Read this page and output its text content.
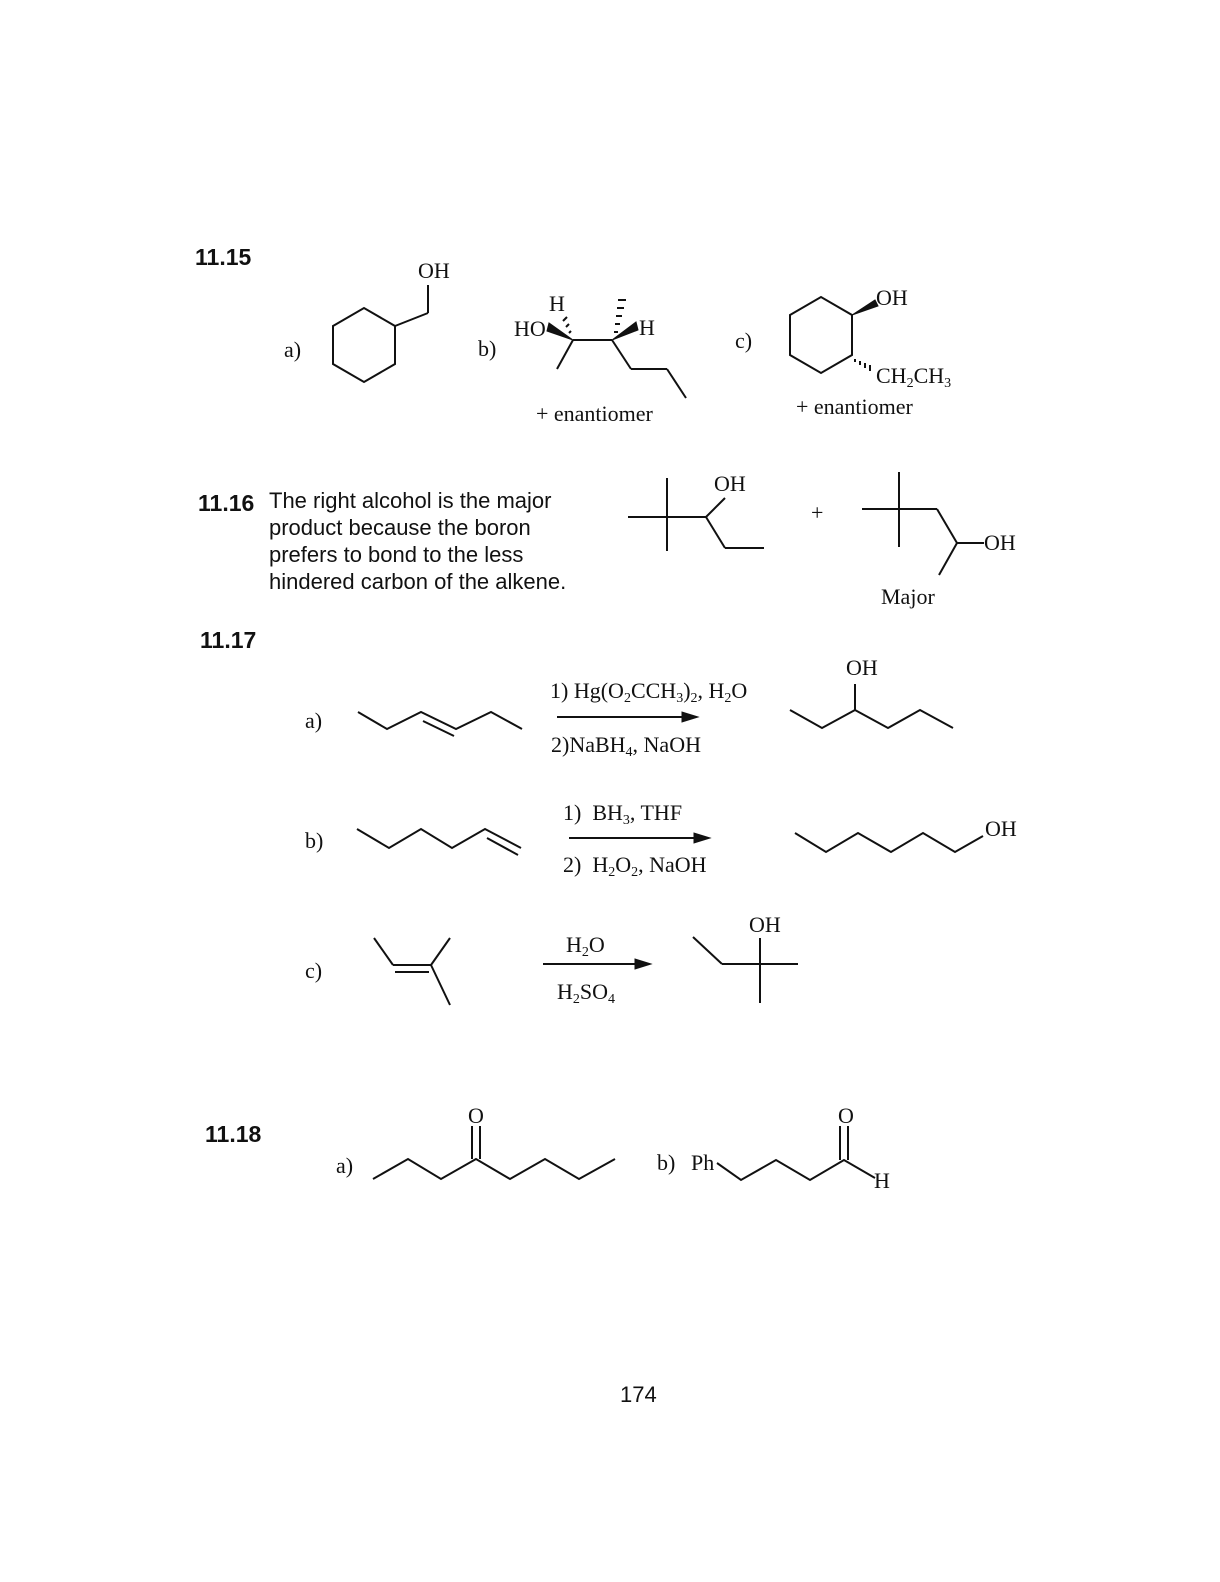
11.15
a)
OH
b)
H
HO	H
+ enantiomer
c)
OH
$CH_2CH_3$
+ enantiomer
11.16 The right alcohol is the major product because the boron prefers to bond to the less hindered carbon of the alkene.
OH
+
OH
Major
11.17
a)
1) $Hg(O_2CCH_3)_2$, $H_2O$
2)NaBH$_4$, NaOH
OH
b)
1)  $BH_3$, THF
2)  $H_2O_2$, NaOH
OH
c)
$H_2O$
$H_2SO_4$
OH
11.18
a)
O
b) Ph
O
H
174
